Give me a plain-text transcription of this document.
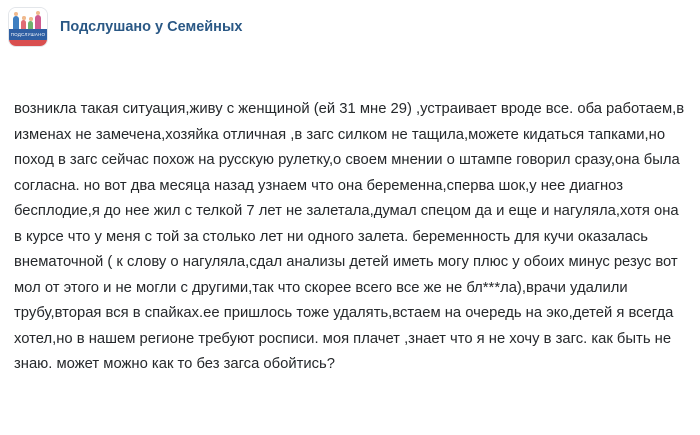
ПОДСЛУШАНО Подслушано у Семейных
возникла такая ситуация,живу с женщиной (ей 31 мне 29) ,устраивает вроде все. оба работаем,в изменах не замечена,хозяйка отличная ,в загс силком не тащила,можете кидаться тапками,но поход в загс сейчас похож на русскую рулетку,о своем мнении о штампе говорил сразу,она была согласна. но вот два месяца назад узнаем что она беременна,сперва шок,у нее диагноз бесплодие,я до нее жил с телкой 7 лет не залетала,думал спецом да и еще и нагуляла,хотя она в курсе что у меня с той за столько лет ни одного залета. беременность для кучи оказалась внематочной ( к слову о нагуляла,сдал анализы детей иметь могу плюс у обоих минус резус вот мол от этого и не могли с другими,так что скорее всего все же не бл***ла),врачи удалили трубу,вторая вся в спайках.ее пришлось тоже удалять,встаем на очередь на эко,детей я всегда хотел,но в нашем регионе требуют росписи. моя плачет ,знает что я не хочу в загс. как быть не знаю. может можно как то без загса обойтись?
